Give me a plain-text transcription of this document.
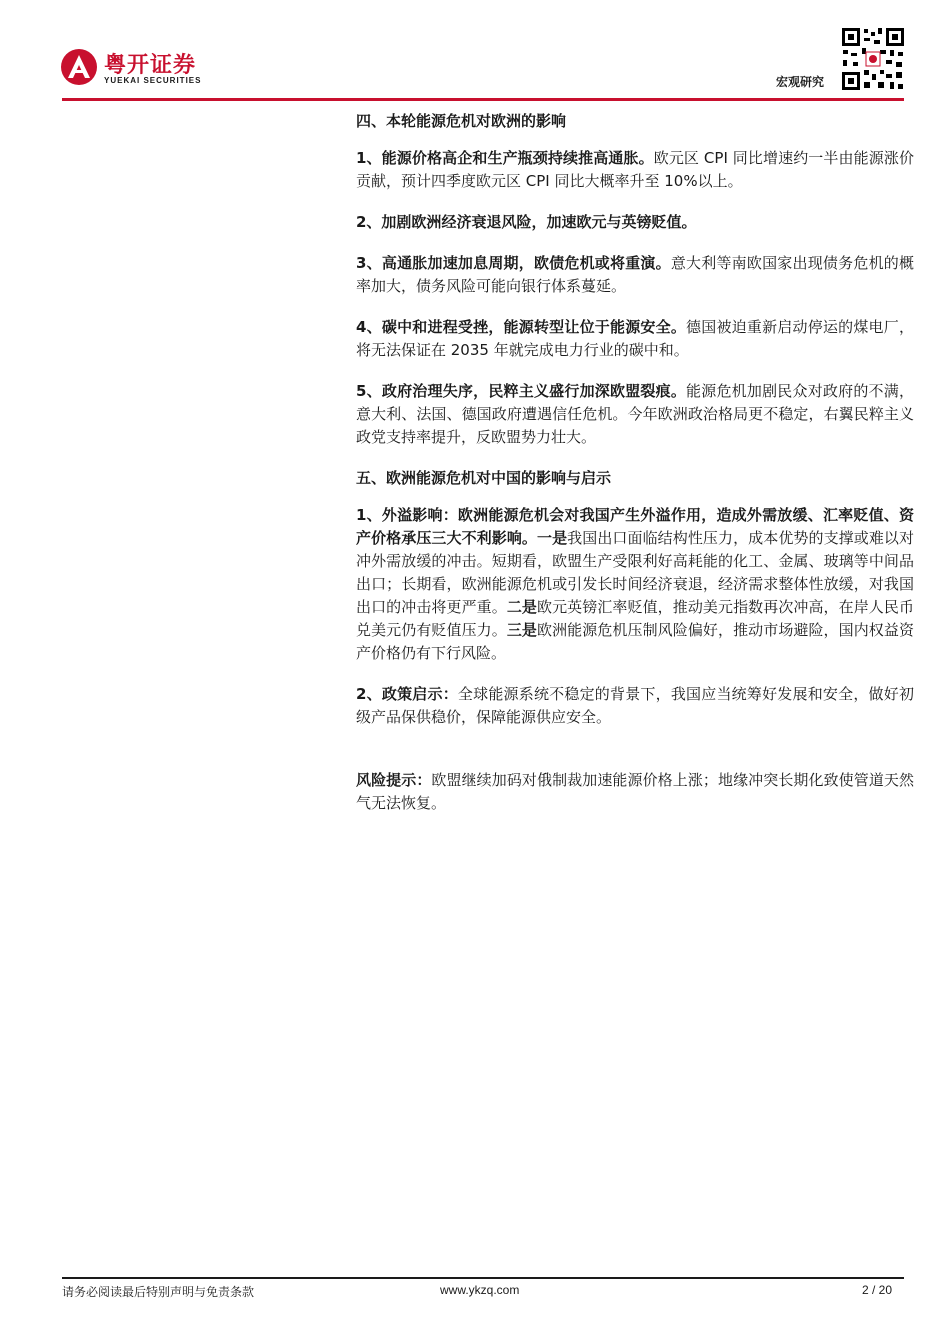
粤开证券
YUEKAI SECURITIES	宏观研究

四、本轮能源危机对欧洲的影响

1、能源价格高企和生产瓶颈持续推高通胀。欧元区 CPI 同比增速约一半由能源涨价贡献，预计四季度欧元区 CPI 同比大概率升至 10%以上。

2、加剧欧洲经济衰退风险，加速欧元与英镑贬值。

3、高通胀加速加息周期，欧债危机或将重演。意大利等南欧国家出现债务危机的概率加大，债务风险可能向银行体系蔓延。

4、碳中和进程受挫，能源转型让位于能源安全。德国被迫重新启动停运的煤电厂，将无法保证在 2035 年就完成电力行业的碳中和。

5、政府治理失序，民粹主义盛行加深欧盟裂痕。能源危机加剧民众对政府的不满，意大利、法国、德国政府遭遇信任危机。今年欧洲政治格局更不稳定，右翼民粹主义政党支持率提升，反欧盟势力壮大。

五、欧洲能源危机对中国的影响与启示

1、外溢影响：欧洲能源危机会对我国产生外溢作用，造成外需放缓、汇率贬值、资产价格承压三大不利影响。一是我国出口面临结构性压力，成本优势的支撑或难以对冲外需放缓的冲击。短期看，欧盟生产受限利好高耗能的化工、金属、玻璃等中间品出口；长期看，欧洲能源危机或引发长时间经济衰退，经济需求整体性放缓，对我国出口的冲击将更严重。二是欧元英镑汇率贬值，推动美元指数再次冲高，在岸人民币兑美元仍有贬值压力。三是欧洲能源危机压制风险偏好，推动市场避险，国内权益资产价格仍有下行风险。

2、政策启示：全球能源系统不稳定的背景下，我国应当统筹好发展和安全，做好初级产品保供稳价，保障能源供应安全。

风险提示：欧盟继续加码对俄制裁加速能源价格上涨；地缘冲突长期化致使管道天然气无法恢复。

请务必阅读最后特别声明与免责条款	www.ykzq.com	2 / 20
